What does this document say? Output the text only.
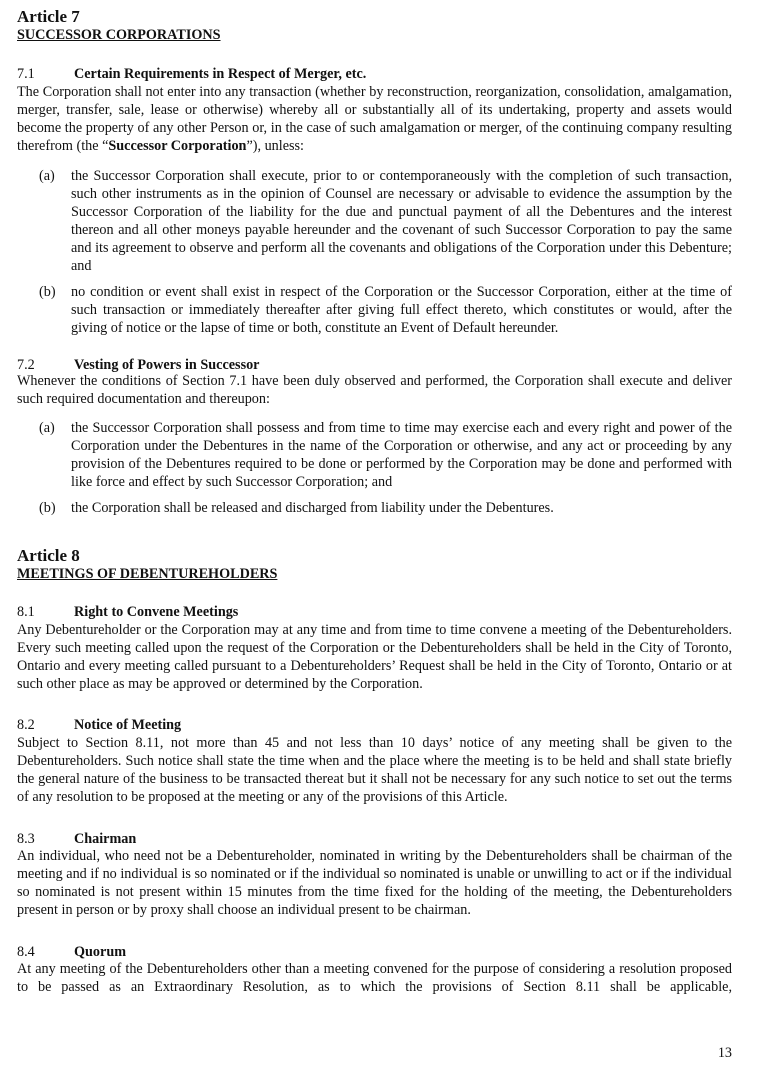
Article 7
SUCCESSOR CORPORATIONS
7.1	Certain Requirements in Respect of Merger, etc.
The Corporation shall not enter into any transaction (whether by reconstruction, reorganization, consolidation, amalgamation, merger, transfer, sale, lease or otherwise) whereby all or substantially all of its undertaking, property and assets would become the property of any other Person or, in the case of such amalgamation or merger, of the continuing company resulting therefrom (the “Successor Corporation”), unless:
(a) the Successor Corporation shall execute, prior to or contemporaneously with the completion of such transaction, such other instruments as in the opinion of Counsel are necessary or advisable to evidence the assumption by the Successor Corporation of the liability for the due and punctual payment of all the Debentures and the interest thereon and all other moneys payable hereunder and the covenant of such Successor Corporation to pay the same and its agreement to observe and perform all the covenants and obligations of the Corporation under this Debenture; and
(b) no condition or event shall exist in respect of the Corporation or the Successor Corporation, either at the time of such transaction or immediately thereafter after giving full effect thereto, which constitutes or would, after the giving of notice or the lapse of time or both, constitute an Event of Default hereunder.
7.2	Vesting of Powers in Successor
Whenever the conditions of Section 7.1 have been duly observed and performed, the Corporation shall execute and deliver such required documentation and thereupon:
(a) the Successor Corporation shall possess and from time to time may exercise each and every right and power of the Corporation under the Debentures in the name of the Corporation or otherwise, and any act or proceeding by any provision of the Debentures required to be done or performed by the Corporation may be done and performed with like force and effect by such Successor Corporation; and
(b) the Corporation shall be released and discharged from liability under the Debentures.
Article 8
MEETINGS OF DEBENTUREHOLDERS
8.1	Right to Convene Meetings
Any Debentureholder or the Corporation may at any time and from time to time convene a meeting of the Debentureholders. Every such meeting called upon the request of the Corporation or the Debentureholders shall be held in the City of Toronto, Ontario and every meeting called pursuant to a Debentureholders’ Request shall be held in the City of Toronto, Ontario or at such other place as may be approved or determined by the Corporation.
8.2	Notice of Meeting
Subject to Section 8.11, not more than 45 and not less than 10 days’ notice of any meeting shall be given to the Debentureholders. Such notice shall state the time when and the place where the meeting is to be held and shall state briefly the general nature of the business to be transacted thereat but it shall not be necessary for any such notice to set out the terms of any resolution to be proposed at the meeting or any of the provisions of this Article.
8.3	Chairman
An individual, who need not be a Debentureholder, nominated in writing by the Debentureholders shall be chairman of the meeting and if no individual is so nominated or if the individual so nominated is unable or unwilling to act or if the individual so nominated is not present within 15 minutes from the time fixed for the holding of the meeting, the Debentureholders present in person or by proxy shall choose an individual present to be chairman.
8.4	Quorum
At any meeting of the Debentureholders other than a meeting convened for the purpose of considering a resolution proposed to be passed as an Extraordinary Resolution, as to which the provisions of Section 8.11 shall be applicable,
13
